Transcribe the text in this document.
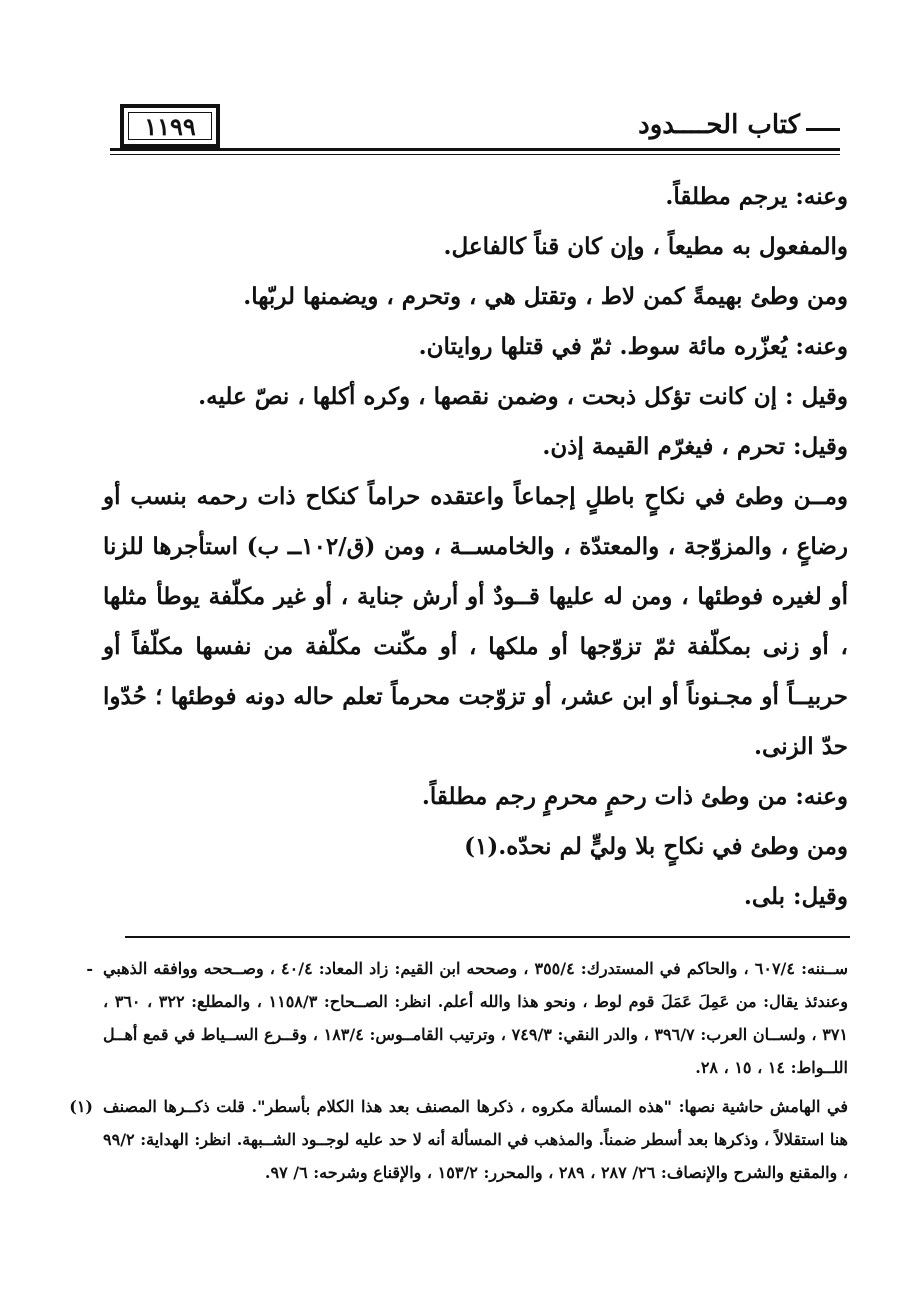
١١٩٩	كتاب الحــــدود

وعنه: يرجم مطلقاً.

والمفعول به مطيعاً ، وإن كان قناً كالفاعل.

ومن وطئ بهيمةً كمن لاط ، وتقتل هي ، وتحرم ، ويضمنها لربّها.

وعنه: يُعزّره مائة سوط. ثمّ في قتلها روايتان.

وقيل : إن كانت تؤكل ذبحت ، وضمن نقصها ، وكره أكلها ، نصّ عليه.

وقيل: تحرم ، فيغرّم القيمة إذن.

ومــن وطئ في نكاحٍ باطلٍ إجماعاً واعتقده حراماً كنكاح ذات رحمه بنسب أو رضاعٍ ، والمزوّجة ، والمعتدّة ، والخامســة ، ومن (ق/١٠٢ــ ب) استأجرها للزنا أو لغيره فوطئها ، ومن له عليها قــودٌ أو أرش جناية ، أو غير مكلّفة يوطأ مثلها ، أو زنى بمكلّفة ثمّ تزوّجها أو ملكها ، أو مكّنت مكلّفة من نفسها مكلّفاً أو حربيــاً أو مجـنوناً أو ابن عشر، أو تزوّجت محرماً تعلم حاله دونه فوطئها ؛ حُدّوا حدّ الزنى.

وعنه: من وطئ ذات رحمٍ محرمٍ رجم مطلقاً.

ومن وطئ في نكاحٍ بلا وليٍّ لم نحدّه.(١)

وقيل: بلى.

- ســننه: ٦٠٧/٤ ، والحاكم في المستدرك: ٣٥٥/٤ ، وصححه ابن القيم: زاد المعاد: ٤٠/٤ ، وصــححه ووافقه الذهبي وعندئذ يقال: من عَمِلَ عَمَلَ قوم لوط ، ونحو هذا والله أعلم. انظر: الصــحاح: ١١٥٨/٣ ، والمطلع: ٣٢٢ ، ٣٦٠ ، ٣٧١ ، ولســان العرب: ٣٩٦/٧ ، والدر النقي: ٧٤٩/٣ ، وترتيب القامــوس: ١٨٣/٤ ، وقــرع الســياط في قمع أهــل اللــواط: ١٤ ، ١٥ ، ٢٨.

(١) في الهامش حاشية نصها: "هذه المسألة مكروه ، ذكرها المصنف بعد هذا الكلام بأسطر". قلت ذكــرها المصنف هنا استقلالاً ، وذكرها بعد أسطر ضمناً. والمذهب في المسألة أنه لا حد عليه لوجــود الشــبهة. انظر: الهداية: ٩٩/٢ ، والمقنع والشرح والإنصاف: ٢٦/ ٢٨٧ ، ٢٨٩ ، والمحرر: ١٥٣/٢ ، والإقناع وشرحه: ٦/ ٩٧.
